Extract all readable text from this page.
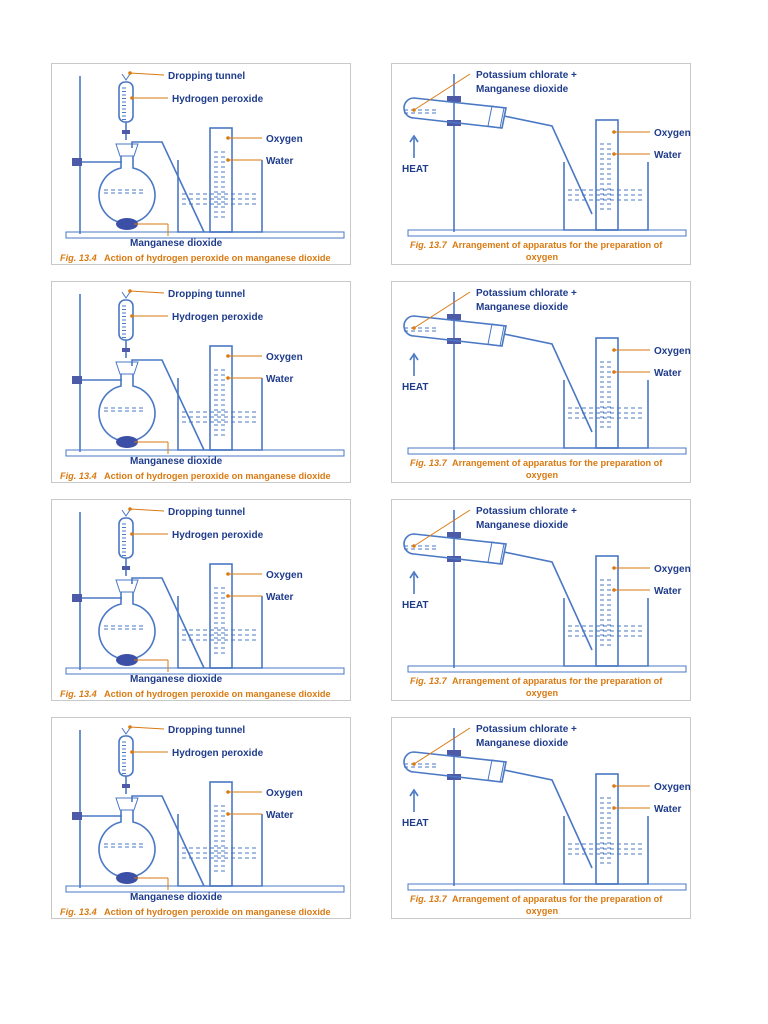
Dropping tunnel
Hydrogen peroxide
Oxygen
Water
Manganese dioxide
Fig. 13.4 Action of hydrogen peroxide on manganese dioxide
HEAT
Potassium chlorate +
Manganese dioxide
Oxygen
Water
Fig. 13.7 Arrangement of apparatus for the preparation of
oxygen
Dropping tunnel
Hydrogen peroxide
Oxygen
Water
Manganese dioxide
Fig. 13.4 Action of hydrogen peroxide on manganese dioxide
HEAT
Potassium chlorate +
Manganese dioxide
Oxygen
Water
Fig. 13.7 Arrangement of apparatus for the preparation of
oxygen
Dropping tunnel
Hydrogen peroxide
Oxygen
Water
Manganese dioxide
Fig. 13.4 Action of hydrogen peroxide on manganese dioxide
HEAT
Potassium chlorate +
Manganese dioxide
Oxygen
Water
Fig. 13.7 Arrangement of apparatus for the preparation of
oxygen
Dropping tunnel
Hydrogen peroxide
Oxygen
Water
Manganese dioxide
Fig. 13.4 Action of hydrogen peroxide on manganese dioxide
HEAT
Potassium chlorate +
Manganese dioxide
Oxygen
Water
Fig. 13.7 Arrangement of apparatus for the preparation of
oxygen
